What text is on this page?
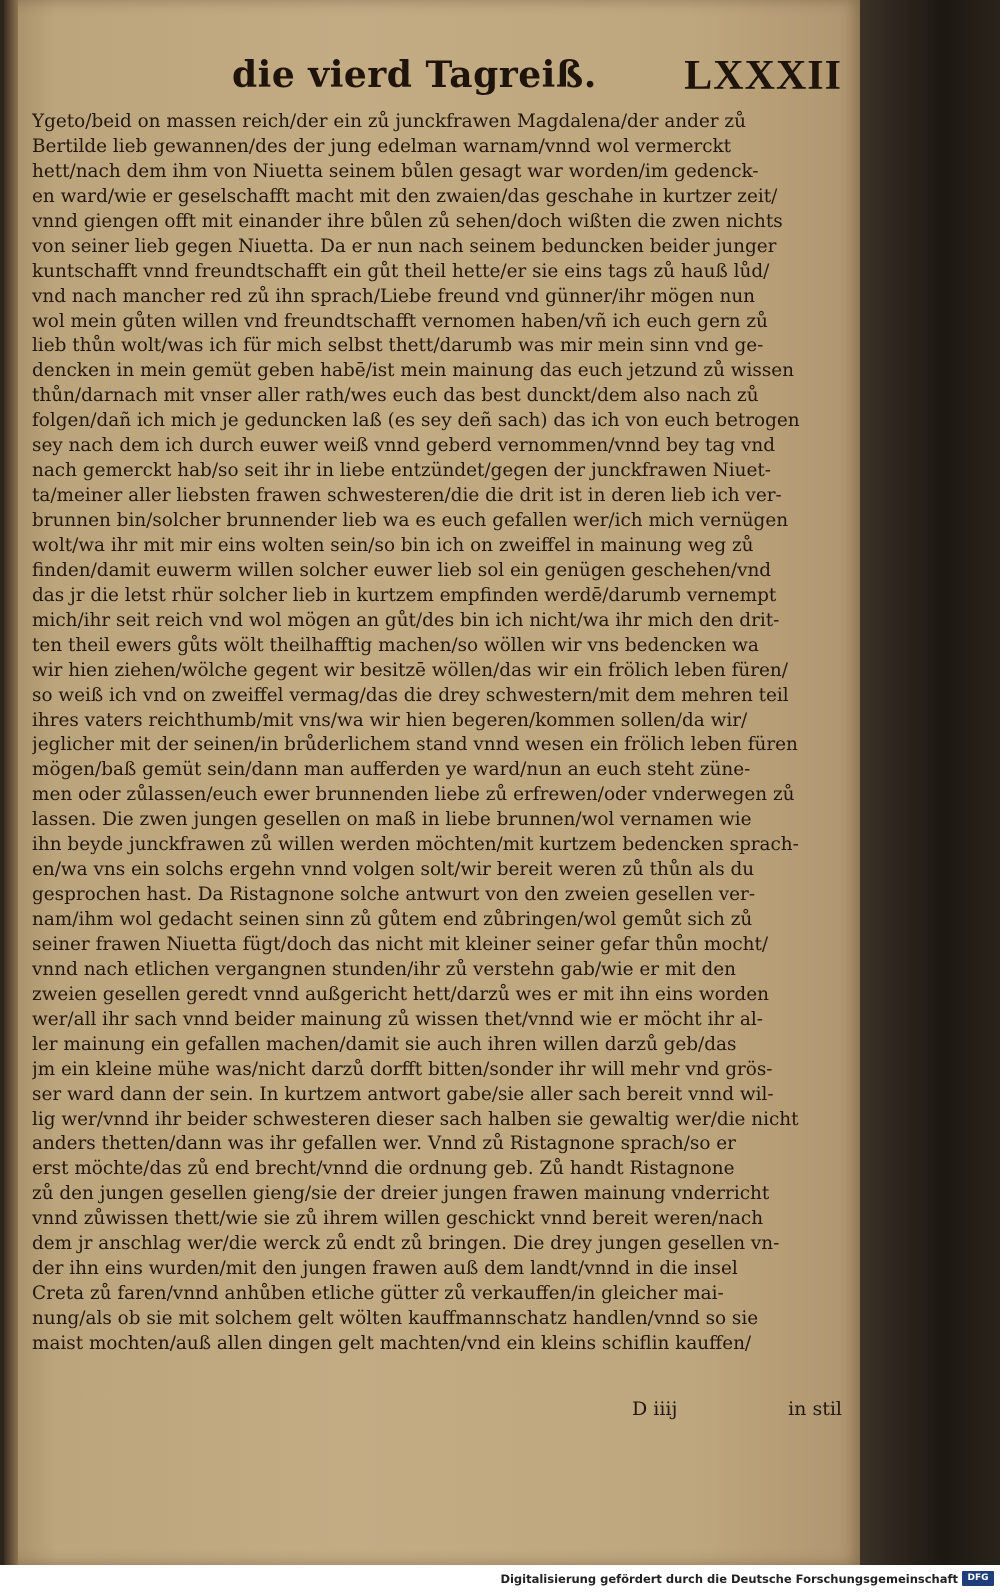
die vierd Tagreiß. LXXXII
Ygeto/beid on massen reich/der ein zů junckfrawen Magdalena/der ander zů
Bertilde lieb gewannen/des der jung edelman warnam/vnnd wol vermerckt
hett/nach dem ihm von Niuetta seinem bůlen gesagt war worden/im gedenck-
en ward/wie er geselschafft macht mit den zwaien/das geschahe in kurtzer zeit/
vnnd giengen offt mit einander ihre bůlen zů sehen/doch wißten die zwen nichts
von seiner lieb gegen Niuetta. Da er nun nach seinem beduncken beider junger
kuntschafft vnnd freundtschafft ein gůt theil hette/er sie eins tags zů hauß lůd/
vnd nach mancher red zů ihn sprach/Liebe freund vnd günner/ihr mögen nun
wol mein gůten willen vnd freundtschafft vernomen haben/vñ ich euch gern zů
lieb thůn wolt/was ich für mich selbst thett/darumb was mir mein sinn vnd ge-
dencken in mein gemüt geben habē/ist mein mainung das euch jetzund zů wissen
thůn/darnach mit vnser aller rath/wes euch das best dunckt/dem also nach zů
folgen/dañ ich mich je geduncken laß (es sey deñ sach) das ich von euch betrogen
sey nach dem ich durch euwer weiß vnnd geberd vernommen/vnnd bey tag vnd
nach gemerckt hab/so seit ihr in liebe entzündet/gegen der junckfrawen Niuet-
ta/meiner aller liebsten frawen schwesteren/die die drit ist in deren lieb ich ver-
brunnen bin/solcher brunnender lieb wa es euch gefallen wer/ich mich vernügen
wolt/wa ihr mit mir eins wolten sein/so bin ich on zweiffel in mainung weg zů
finden/damit euwerm willen solcher euwer lieb sol ein genügen geschehen/vnd
das jr die letst rhür solcher lieb in kurtzem empfinden werdē/darumb vernempt
mich/ihr seit reich vnd wol mögen an gůt/des bin ich nicht/wa ihr mich den drit-
ten theil ewers gůts wölt theilhafftig machen/so wöllen wir vns bedencken wa
wir hien ziehen/wölche gegent wir besitzē wöllen/das wir ein frölich leben füren/
so weiß ich vnd on zweiffel vermag/das die drey schwestern/mit dem mehren teil
ihres vaters reichthumb/mit vns/wa wir hien begeren/kommen sollen/da wir/
jeglicher mit der seinen/in brůderlichem stand vnnd wesen ein frölich leben füren
mögen/baß gemüt sein/dann man aufferden ye ward/nun an euch steht züne-
men oder zůlassen/euch ewer brunnenden liebe zů erfrewen/oder vnderwegen zů
lassen. Die zwen jungen gesellen on maß in liebe brunnen/wol vernamen wie
ihn beyde junckfrawen zů willen werden möchten/mit kurtzem bedencken sprach-
en/wa vns ein solchs ergehn vnnd volgen solt/wir bereit weren zů thůn als du
gesprochen hast. Da Ristagnone solche antwurt von den zweien gesellen ver-
nam/ihm wol gedacht seinen sinn zů gůtem end zůbringen/wol gemůt sich zů
seiner frawen Niuetta fügt/doch das nicht mit kleiner seiner gefar thůn mocht/
vnnd nach etlichen vergangnen stunden/ihr zů verstehn gab/wie er mit den
zweien gesellen geredt vnnd außgericht hett/darzů wes er mit ihn eins worden
wer/all ihr sach vnnd beider mainung zů wissen thet/vnnd wie er möcht ihr al-
ler mainung ein gefallen machen/damit sie auch ihren willen darzů geb/das
jm ein kleine mühe was/nicht darzů dorfft bitten/sonder ihr will mehr vnd grös-
ser ward dann der sein. In kurtzem antwort gabe/sie aller sach bereit vnnd wil-
lig wer/vnnd ihr beider schwesteren dieser sach halben sie gewaltig wer/die nicht
anders thetten/dann was ihr gefallen wer. Vnnd zů Ristagnone sprach/so er
erst möchte/das zů end brecht/vnnd die ordnung geb. Zů handt Ristagnone
zů den jungen gesellen gieng/sie der dreier jungen frawen mainung vnderricht
vnnd zůwissen thett/wie sie zů ihrem willen geschickt vnnd bereit weren/nach
dem jr anschlag wer/die werck zů endt zů bringen. Die drey jungen gesellen vn-
der ihn eins wurden/mit den jungen frawen auß dem landt/vnnd in die insel
Creta zů faren/vnnd anhůben etliche gütter zů verkauffen/in gleicher mai-
nung/als ob sie mit solchem gelt wölten kauffmannschatz handlen/vnnd so sie
maist mochten/auß allen dingen gelt machten/vnd ein kleins schiflin kauffen/
D iiij	in stil
Digitalisierung gefördert durch die Deutsche Forschungsgemeinschaft	DFG
